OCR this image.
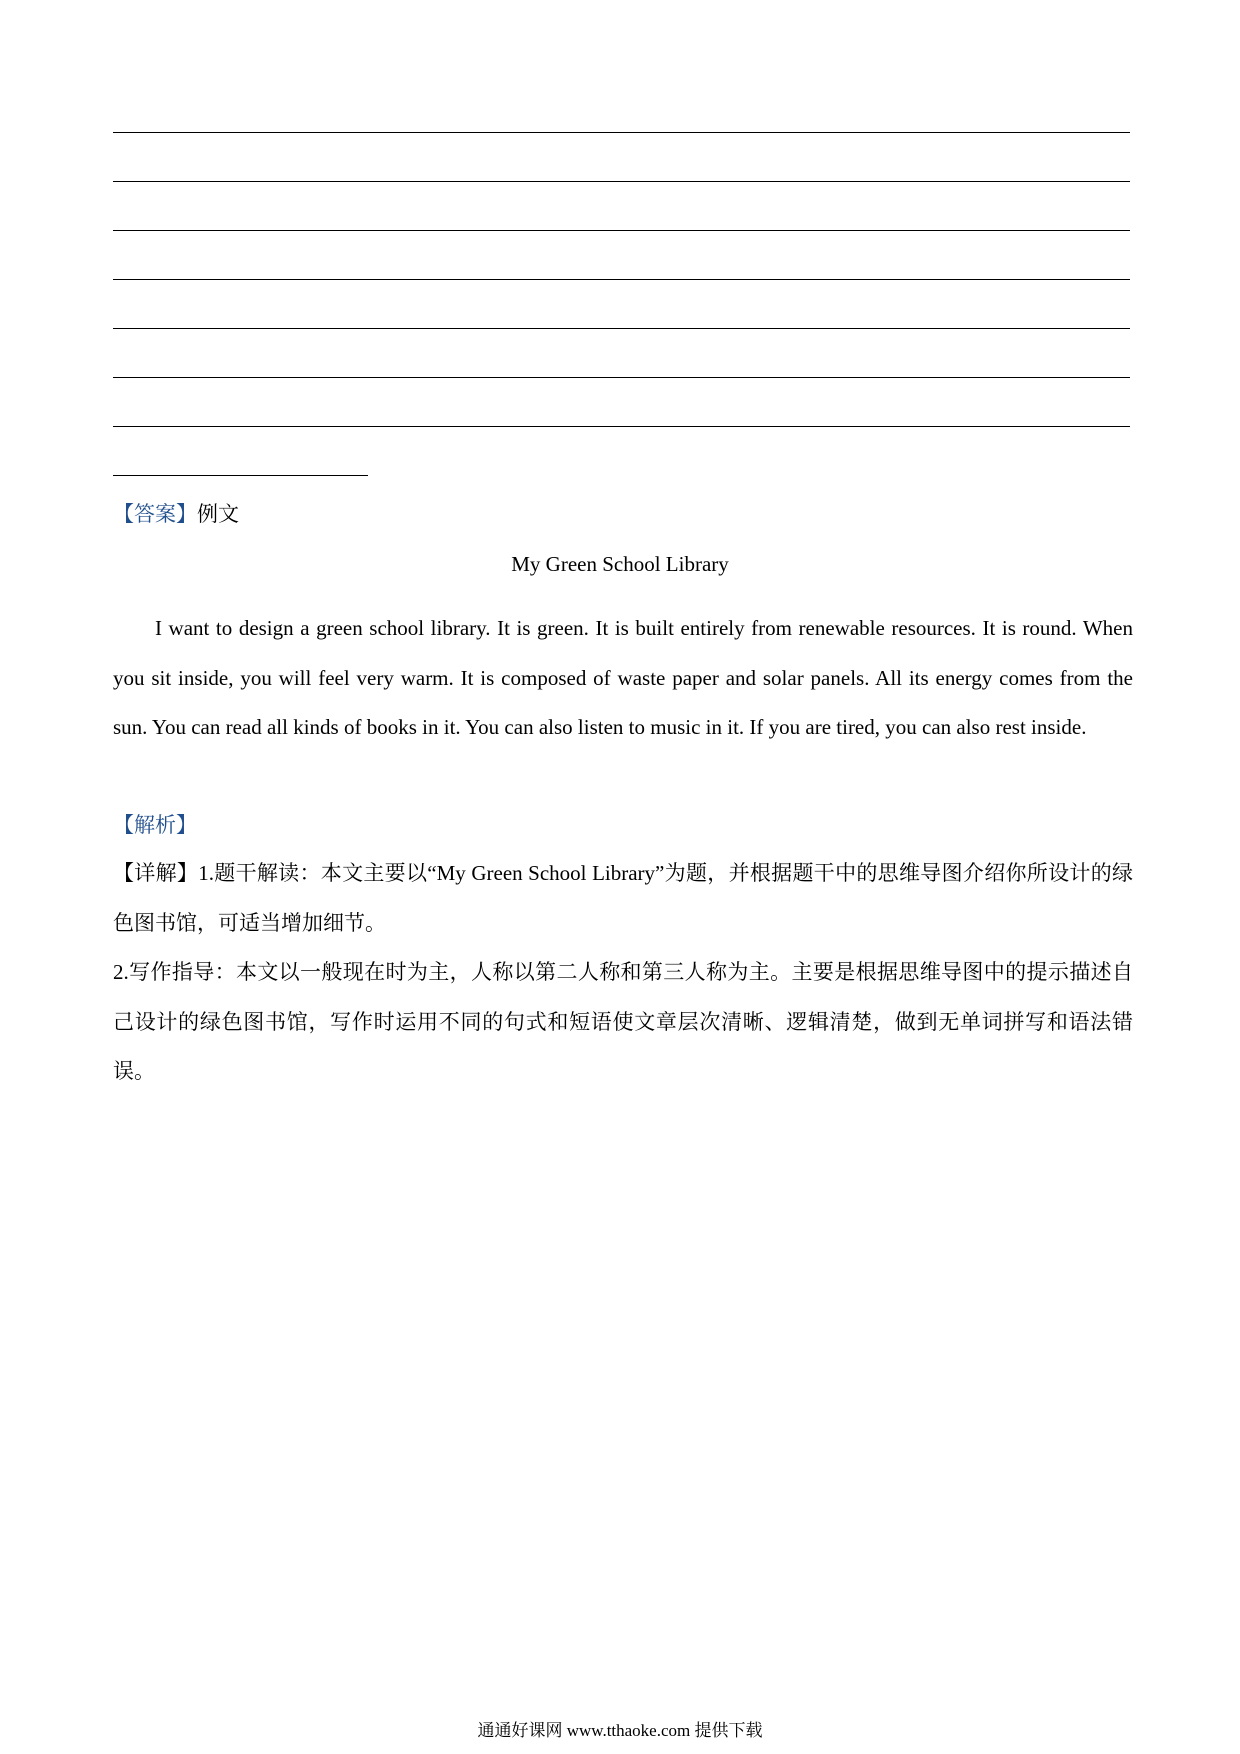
【答案】例文
My Green School Library
I want to design a green school library. It is green. It is built entirely from renewable resources. It is round. When you sit inside, you will feel very warm. It is composed of waste paper and solar panels. All its energy comes from the sun. You can read all kinds of books in it. You can also listen to music in it. If you are tired, you can also rest inside.
【解析】
【详解】1.题干解读：本文主要以“My Green School Library”为题，并根据题干中的思维导图介绍你所设计的绿色图书馆，可适当增加细节。
2.写作指导：本文以一般现在时为主，人称以第二人称和第三人称为主。主要是根据思维导图中的提示描述自己设计的绿色图书馆，写作时运用不同的句式和短语使文章层次清晰、逻辑清楚，做到无单词拼写和语法错误。
通通好课网 www.tthaoke.com 提供下载
